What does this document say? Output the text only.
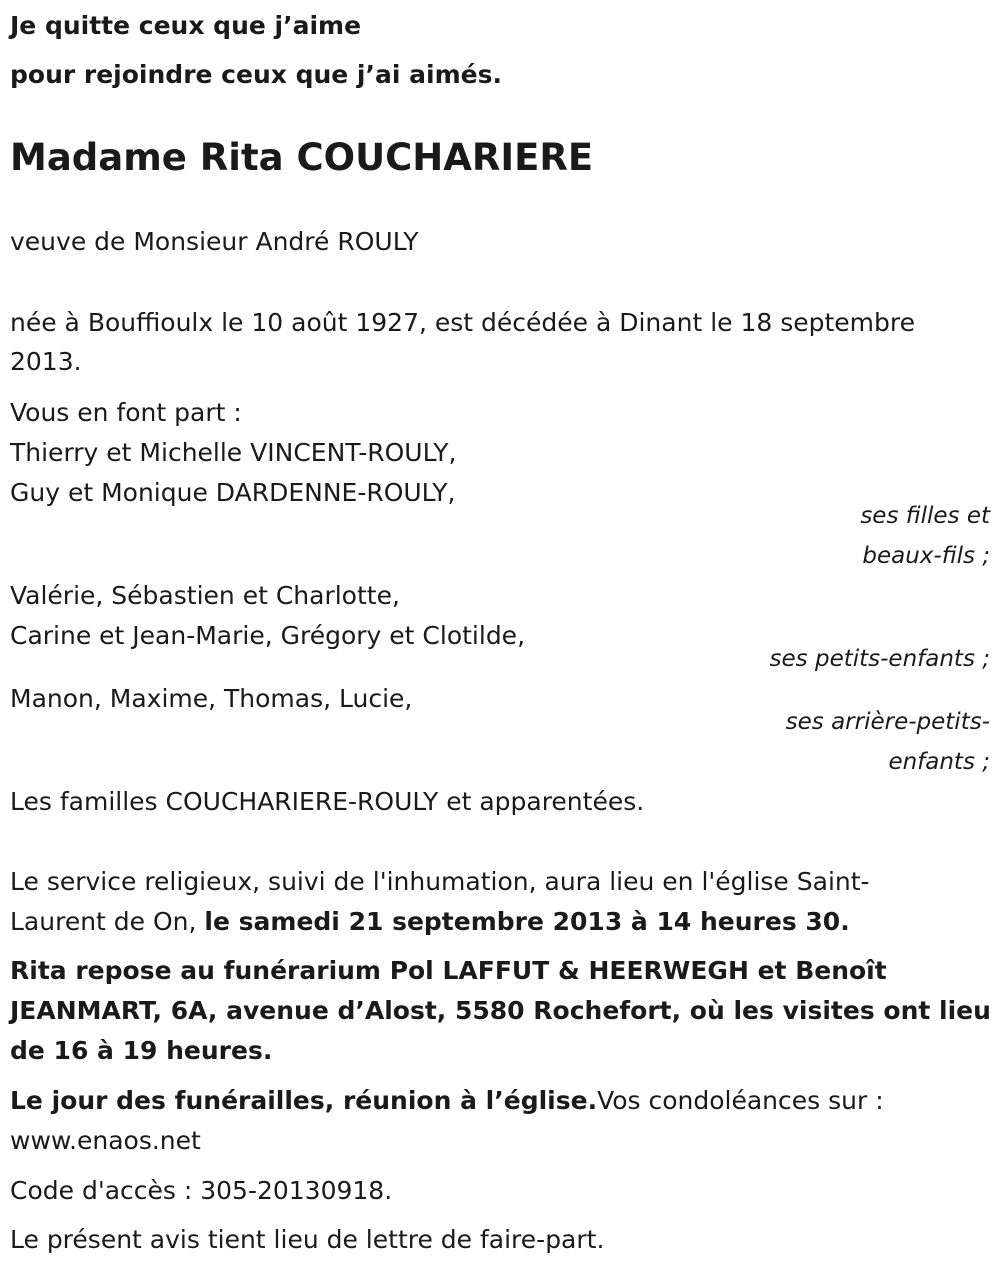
Je quitte ceux que j’aime
pour rejoindre ceux que j’ai aimés.
Madame Rita COUCHARIERE
veuve de Monsieur André ROULY
née à Bouffioulx le 10 août 1927, est décédée à Dinant le 18 septembre
2013.
Vous en font part :
Thierry et Michelle VINCENT-ROULY,
Guy et Monique DARDENNE-ROULY,
ses filles et
beaux-fils ;
Valérie, Sébastien et Charlotte,
Carine et Jean-Marie, Grégory et Clotilde,
ses petits-enfants ;
Manon, Maxime, Thomas, Lucie,
ses arrière-petits-
enfants ;
Les familles COUCHARIERE-ROULY et apparentées.
Le service religieux, suivi de l'inhumation, aura lieu en l'église Saint-
Laurent de On, le samedi 21 septembre 2013 à 14 heures 30.
Rita repose au funérarium Pol LAFFUT & HEERWEGH et Benoît
JEANMART, 6A, avenue d’Alost, 5580 Rochefort, où les visites ont lieu
de 16 à 19 heures.
Le jour des funérailles, réunion à l’église.Vos condoléances sur :
www.enaos.net
Code d'accès : 305-20130918.
Le présent avis tient lieu de lettre de faire-part.
